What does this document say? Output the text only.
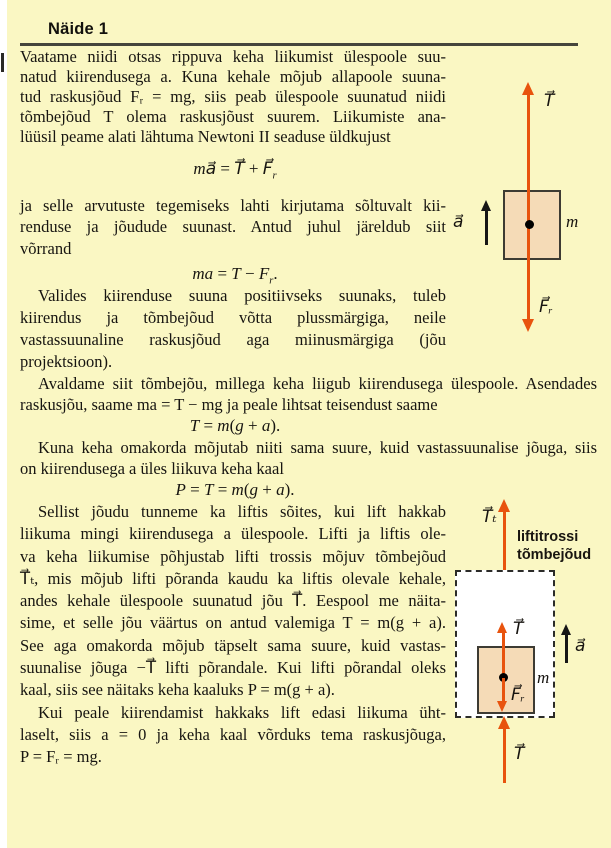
Näide 1
Vaatame niidi otsas rippuva keha liikumist ülespoole suu-
natud kiirendusega a. Kuna kehale mõjub allapoole suuna-
tud raskusjõud Fᵣ = mg, siis peab ülespoole suunatud niidi
tõmbejõud T olema raskusjõust suurem. Liikumiste ana-
lüüsil peame alati lähtuma Newtoni II seaduse üldkujust
ma⃗ = T⃗ + $F⃗_r$
ja selle arvutuste tegemiseks lahti kirjutama sõltuvalt kii-
renduse ja jõudude suunast. Antud juhul järeldub siit
võrrand
ma = $T - F_r$.
Valides kiirenduse suuna positiivseks suunaks, tuleb
kiirendus ja tõmbejõud võtta plussmärgiga, neile
vastassuunaline raskusjõud aga miinusmärgiga (jõu
projektsioon).
Avaldame siit tõmbejõu, millega keha liigub kiirendusega ülespoole. Asendades
raskusjõu, saame ma = T − mg ja peale lihtsat teisendust saame
T = m(g + a).
Kuna keha omakorda mõjutab niiti sama suure, kuid vastassuunalise jõuga, siis
on kiirendusega a üles liikuva keha kaal
P = T = m(g + a).
Sellist jõudu tunneme ka liftis sõites, kui lift hakkab
liikuma mingi kiirendusega a ülespoole. Lifti ja liftis ole-
va keha liikumise põhjustab lifti trossis mõjuv tõmbejõud
T⃗ₜ, mis mõjub lifti põranda kaudu ka liftis olevale kehale,
andes kehale ülespoole suunatud jõu T⃗. Eespool me näita-
sime, et selle jõu väärtus on antud valemiga T = m(g + a).
See aga omakorda mõjub täpselt sama suure, kuid vastas-
suunalise jõuga −T⃗ lifti põrandale. Kui lifti põrandal oleks
kaal, siis see näitaks keha kaaluks P = m(g + a).
Kui peale kiirendamist hakkaks lift edasi liikuma üht-
laselt, siis a = 0 ja keha kaal võrduks tema raskusjõuga,
P = Fᵣ = mg.
T⃗
F⃗ᵣ
a⃗	m
T⃗ₜ
liftitrossi
tõmbejõud
T⃗
F⃗ᵣ
m
a⃗
T⃗
